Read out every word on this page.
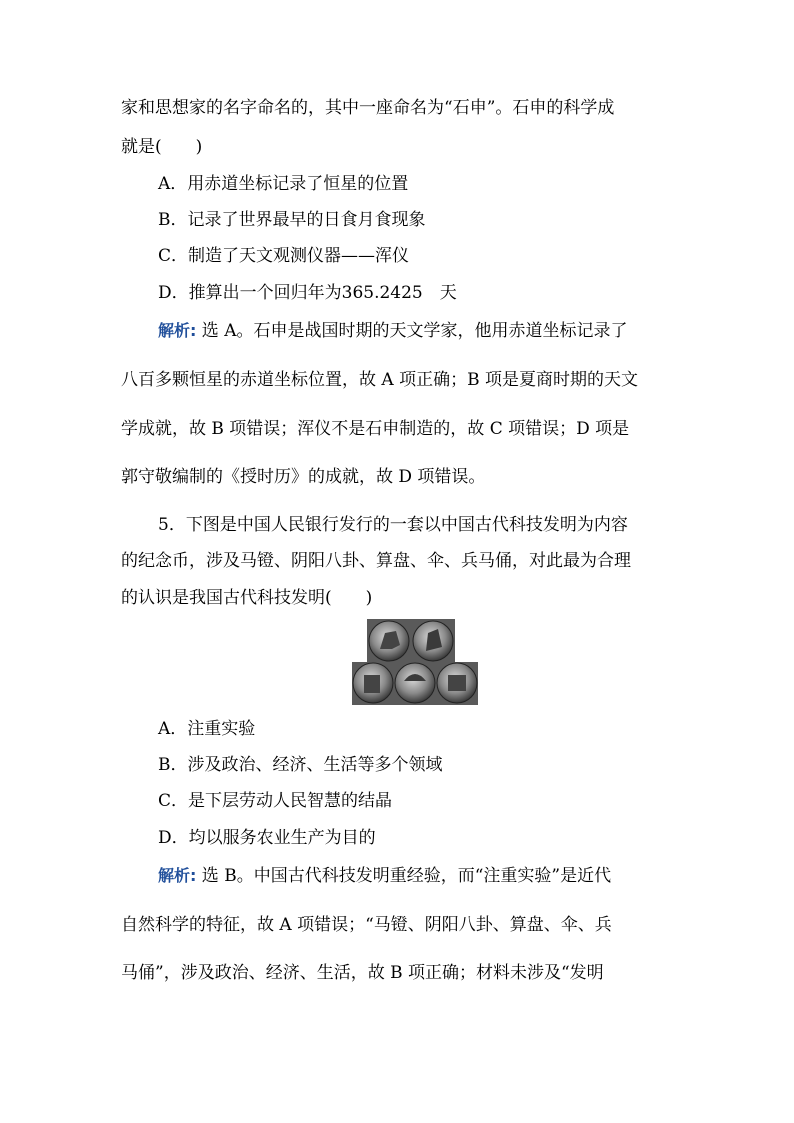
家和思想家的名字命名的，其中一座命名为“石申”。石申的科学成
就是(　　)
A．用赤道坐标记录了恒星的位置
B．记录了世界最早的日食月食现象
C．制造了天文观测仪器——浑仪
D．推算出一个回归年为365.2425　天
解析: 选 A。石申是战国时期的天文学家，他用赤道坐标记录了
八百多颗恒星的赤道坐标位置，故 A 项正确；B 项是夏商时期的天文
学成就，故 B 项错误；浑仪不是石申制造的，故 C 项错误；D 项是
郭守敬编制的《授时历》的成就，故 D 项错误。
5．下图是中国人民银行发行的一套以中国古代科技发明为内容
的纪念币，涉及马镫、阴阳八卦、算盘、伞、兵马俑，对此最为合理
的认识是我国古代科技发明(　　)
A．注重实验
B．涉及政治、经济、生活等多个领域
C．是下层劳动人民智慧的结晶
D．均以服务农业生产为目的
解析: 选 B。中国古代科技发明重经验，而“注重实验”是近代
自然科学的特征，故 A 项错误；“马镫、阴阳八卦、算盘、伞、兵
马俑”，涉及政治、经济、生活，故 B 项正确；材料未涉及“发明
